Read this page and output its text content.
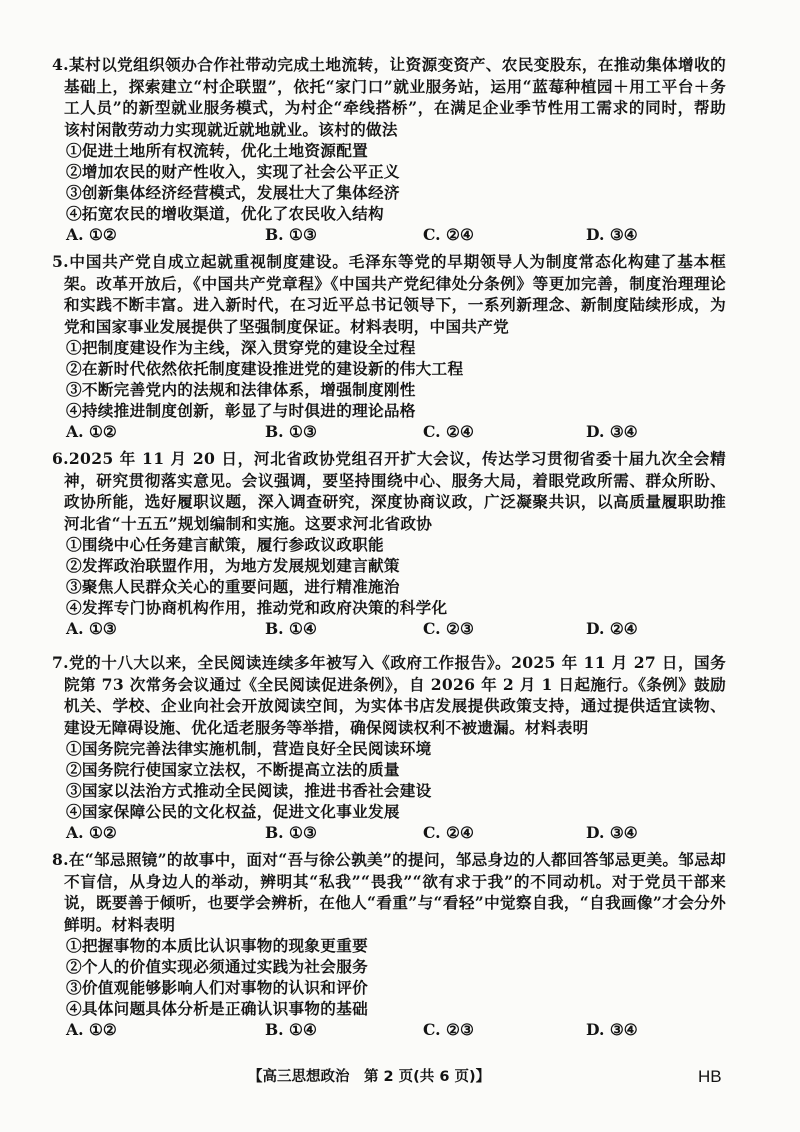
4.某村以党组织领办合作社带动完成土地流转，让资源变资产、农民变股东，在推动集体增收的基础上，探索建立“村企联盟”，依托“家门口”就业服务站，运用“蓝莓种植园＋用工平台＋务工人员”的新型就业服务模式，为村企“牵线搭桥”，在满足企业季节性用工需求的同时，帮助该村闲散劳动力实现就近就地就业。该村的做法

①促进土地所有权流转，优化土地资源配置

②增加农民的财产性收入，实现了社会公平正义

③创新集体经济经营模式，发展壮大了集体经济

④拓宽农民的增收渠道，优化了农民收入结构

A. ①②	B. ①③	C. ②④	D. ③④

5.中国共产党自成立起就重视制度建设。毛泽东等党的早期领导人为制度常态化构建了基本框架。改革开放后，《中国共产党章程》《中国共产党纪律处分条例》等更加完善，制度治理理论和实践不断丰富。进入新时代，在习近平总书记领导下，一系列新理念、新制度陆续形成，为党和国家事业发展提供了坚强制度保证。材料表明，中国共产党

①把制度建设作为主线，深入贯穿党的建设全过程

②在新时代依然依托制度建设推进党的建设新的伟大工程

③不断完善党内的法规和法律体系，增强制度刚性

④持续推进制度创新，彰显了与时俱进的理论品格

A. ①②	B. ①③	C. ②④	D. ③④

6.2025 年 11 月 20 日，河北省政协党组召开扩大会议，传达学习贯彻省委十届九次全会精神，研究贯彻落实意见。会议强调，要坚持围绕中心、服务大局，着眼党政所需、群众所盼、政协所能，选好履职议题，深入调查研究，深度协商议政，广泛凝聚共识，以高质量履职助推河北省“十五五”规划编制和实施。这要求河北省政协

①围绕中心任务建言献策，履行参政议政职能

②发挥政治联盟作用，为地方发展规划建言献策

③聚焦人民群众关心的重要问题，进行精准施治

④发挥专门协商机构作用，推动党和政府决策的科学化

A. ①③	B. ①④	C. ②③	D. ②④

7.党的十八大以来，全民阅读连续多年被写入《政府工作报告》。2025 年 11 月 27 日，国务院第 73 次常务会议通过《全民阅读促进条例》，自 2026 年 2 月 1 日起施行。《条例》鼓励机关、学校、企业向社会开放阅读空间，为实体书店发展提供政策支持，通过提供适宜读物、建设无障碍设施、优化适老服务等举措，确保阅读权利不被遗漏。材料表明

①国务院完善法律实施机制，营造良好全民阅读环境

②国务院行使国家立法权，不断提高立法的质量

③国家以法治方式推动全民阅读，推进书香社会建设

④国家保障公民的文化权益，促进文化事业发展

A. ①②	B. ①③	C. ②④	D. ③④

8.在“邹忌照镜”的故事中，面对“吾与徐公孰美”的提问，邹忌身边的人都回答邹忌更美。邹忌却不盲信，从身边人的举动，辨明其“私我”“畏我”“欲有求于我”的不同动机。对于党员干部来说，既要善于倾听，也要学会辨析，在他人“看重”与“看轻”中觉察自我，“自我画像”才会分外鲜明。材料表明

①把握事物的本质比认识事物的现象更重要

②个人的价值实现必须通过实践为社会服务

③价值观能够影响人们对事物的认识和评价

④具体问题具体分析是正确认识事物的基础

A. ①②	B. ①④	C. ②③	D. ③④
【高三思想政治　第 2 页(共 6 页)】	HB
